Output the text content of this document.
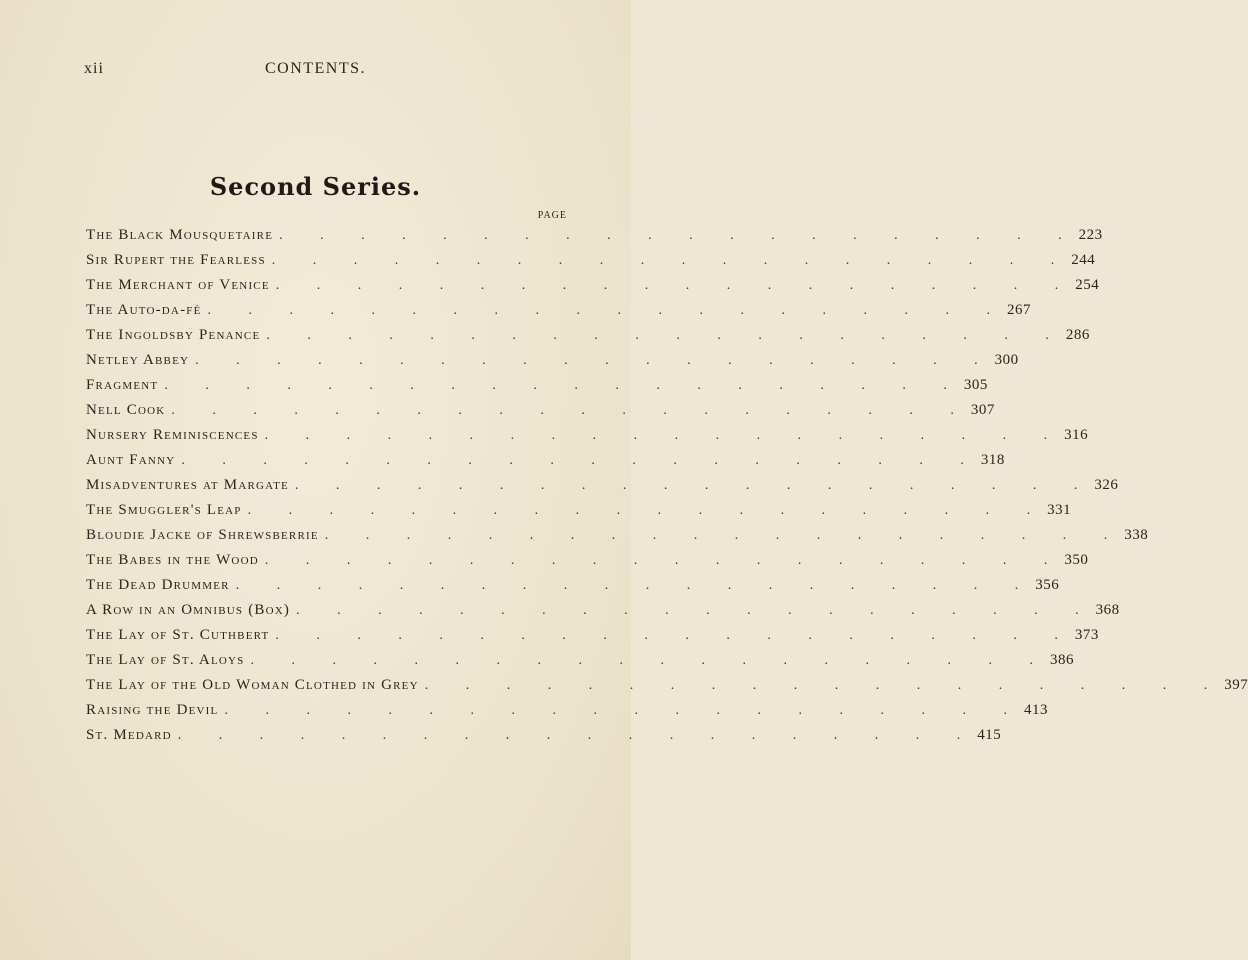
xii	CONTENTS.
Second Series.
PAGE
The Black Mousquetaire . . . . . . . . . . . . . . . . . . . . 223
Sir Rupert the Fearless . . . . . . . . . . . . . . . . . . . . 244
The Merchant of Venice . . . . . . . . . . . . . . . . . . . . 254
The Auto-da-fé . . . . . . . . . . . . . . . . . . . . 267
The Ingoldsby Penance . . . . . . . . . . . . . . . . . . . . 286
Netley Abbey . . . . . . . . . . . . . . . . . . . . 300
Fragment . . . . . . . . . . . . . . . . . . . . 305
Nell Cook . . . . . . . . . . . . . . . . . . . . 307
Nursery Reminiscences . . . . . . . . . . . . . . . . . . . . 316
Aunt Fanny . . . . . . . . . . . . . . . . . . . . 318
Misadventures at Margate . . . . . . . . . . . . . . . . . . . . 326
The Smuggler's Leap . . . . . . . . . . . . . . . . . . . . 331
Bloudie Jacke of Shrewsberrie . . . . . . . . . . . . . . . . . . . . 338
The Babes in the Wood . . . . . . . . . . . . . . . . . . . . 350
The Dead Drummer . . . . . . . . . . . . . . . . . . . . 356
A Row in an Omnibus (Box) . . . . . . . . . . . . . . . . . . . . 368
The Lay of St. Cuthbert . . . . . . . . . . . . . . . . . . . . 373
The Lay of St. Aloys . . . . . . . . . . . . . . . . . . . . 386
The Lay of the Old Woman Clothed in Grey . . . . . . . . . . . . . . . . . . . . 397
Raising the Devil . . . . . . . . . . . . . . . . . . . . 413
St. Medard . . . . . . . . . . . . . . . . . . . . 415
